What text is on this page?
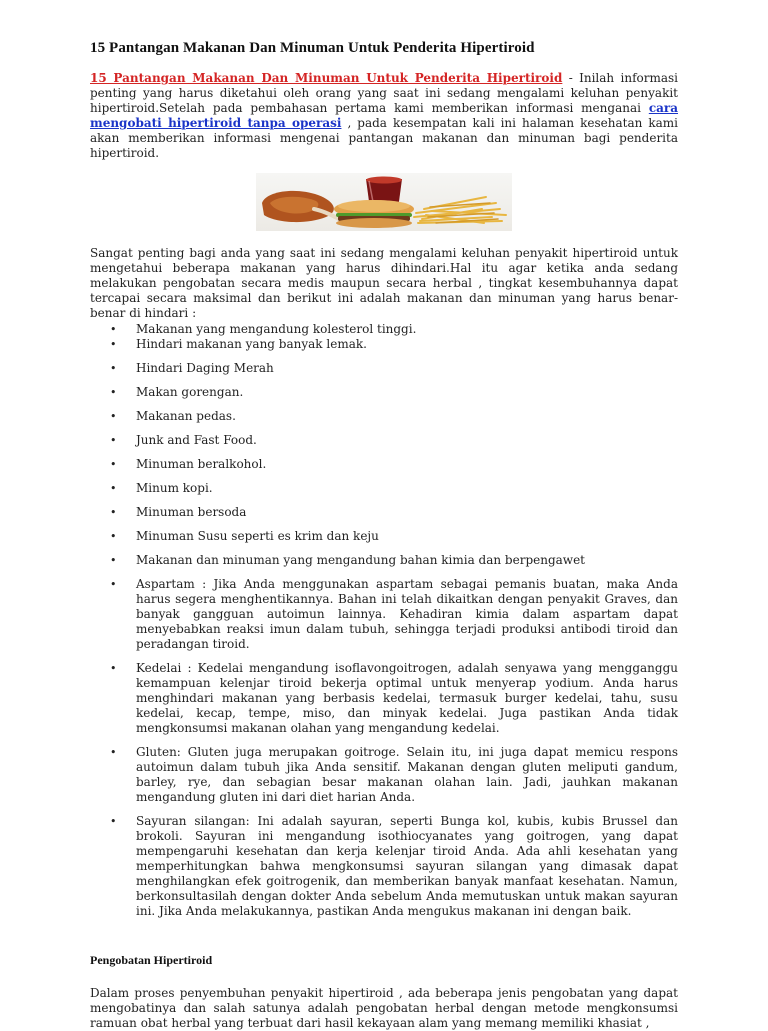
15 Pantangan Makanan Dan Minuman Untuk Penderita Hipertiroid

15 Pantangan Makanan Dan Minuman Untuk Penderita Hipertiroid - Inilah informasi penting yang harus diketahui oleh orang yang saat ini sedang mengalami keluhan penyakit hipertiroid.Setelah pada pembahasan pertama kami memberikan informasi menganai cara mengobati hipertiroid tanpa operasi , pada kesempatan kali ini halaman kesehatan kami akan memberikan informasi mengenai pantangan makanan dan minuman bagi penderita hipertiroid.

Sangat penting bagi anda yang saat ini sedang mengalami keluhan penyakit hipertiroid untuk mengetahui beberapa makanan yang harus dihindari.Hal itu agar ketika anda sedang melakukan pengobatan secara medis maupun secara herbal , tingkat kesembuhannya dapat tercapai secara maksimal dan berikut ini adalah makanan dan minuman yang harus benar-benar di hindari :

• Makanan yang mengandung kolesterol tinggi.
• Hindari makanan yang banyak lemak.
• Hindari Daging Merah
• Makan gorengan.
• Makanan pedas.
• Junk and Fast Food.
• Minuman beralkohol.
• Minum kopi.
• Minuman bersoda
• Minuman Susu seperti es krim dan keju
• Makanan dan minuman yang mengandung bahan kimia dan berpengawet
• Aspartam : Jika Anda menggunakan aspartam sebagai pemanis buatan, maka Anda harus segera menghentikannya. Bahan ini telah dikaitkan dengan penyakit Graves, dan banyak gangguan autoimun lainnya. Kehadiran kimia dalam aspartam dapat menyebabkan reaksi imun dalam tubuh, sehingga terjadi produksi antibodi tiroid dan peradangan tiroid.
• Kedelai : Kedelai mengandung isoflavongoitrogen, adalah senyawa yang mengganggu kemampuan kelenjar tiroid bekerja optimal untuk menyerap yodium. Anda harus menghindari makanan yang berbasis kedelai, termasuk burger kedelai, tahu, susu kedelai, kecap, tempe, miso, dan minyak kedelai. Juga pastikan Anda tidak mengkonsumsi makanan olahan yang mengandung kedelai.
• Gluten: Gluten juga merupakan goitroge. Selain itu, ini juga dapat memicu respons autoimun dalam tubuh jika Anda sensitif. Makanan dengan gluten meliputi gandum, barley, rye, dan sebagian besar makanan olahan lain. Jadi, jauhkan makanan mengandung gluten ini dari diet harian Anda.
• Sayuran silangan: Ini adalah sayuran, seperti Bunga kol, kubis, kubis Brussel dan brokoli. Sayuran ini mengandung isothiocyanates yang goitrogen, yang dapat mempengaruhi kesehatan dan kerja kelenjar tiroid Anda. Ada ahli kesehatan yang memperhitungkan bahwa mengkonsumsi sayuran silangan yang dimasak dapat menghilangkan efek goitrogenik, dan memberikan banyak manfaat kesehatan. Namun, berkonsultasilah dengan dokter Anda sebelum Anda memutuskan untuk makan sayuran ini. Jika Anda melakukannya, pastikan Anda mengukus makanan ini dengan baik.
Pengobatan Hipertiroid

Dalam proses penyembuhan penyakit hipertiroid , ada beberapa jenis pengobatan yang dapat mengobatinya dan salah satunya adalah pengobatan herbal dengan metode mengkonsumsi ramuan obat herbal yang terbuat dari hasil kekayaan alam yang memang memiliki khasiat ,
